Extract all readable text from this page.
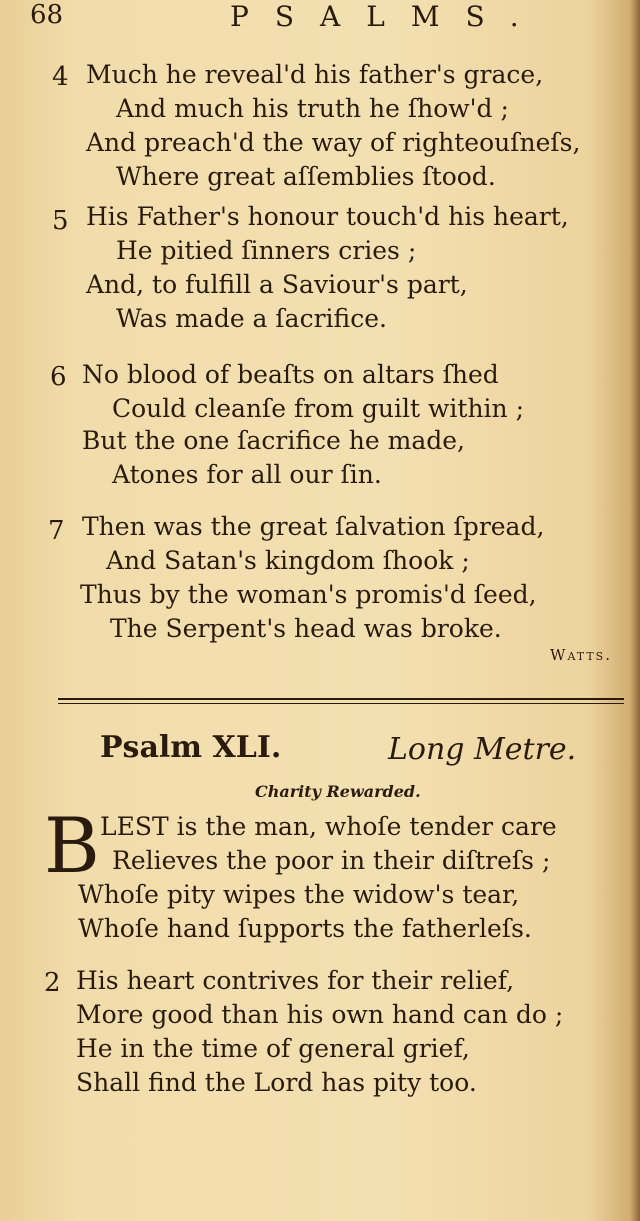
68	PSALMS.
4 Much he reveal'd his father's grace,
And much his truth he ſhow'd ;
And preach'd the way of righteouſneſs,
Where great aſſemblies ſtood.
5 His Father's honour touch'd his heart,
He pitied ſinners cries ;
And, to fulfill a Saviour's part,
Was made a ſacrifice.
6 No blood of beaſts on altars ſhed
Could cleanſe from guilt within ;
But the one ſacrifice he made,
Atones for all our ſin.
7 Then was the great ſalvation ſpread,
And Satan's kingdom ſhook ;
Thus by the woman's promis'd ſeed,
The Serpent's head was broke.
Watts.
Psalm XLI.	Long Metre.
Charity Rewarded.
B LEST is the man, whoſe tender care
Relieves the poor in their diſtreſs ;
Whoſe pity wipes the widow's tear,
Whoſe hand ſupports the fatherleſs.
2 His heart contrives for their relief,
More good than his own hand can do ;
He in the time of general grief,
Shall find the Lord has pity too.
